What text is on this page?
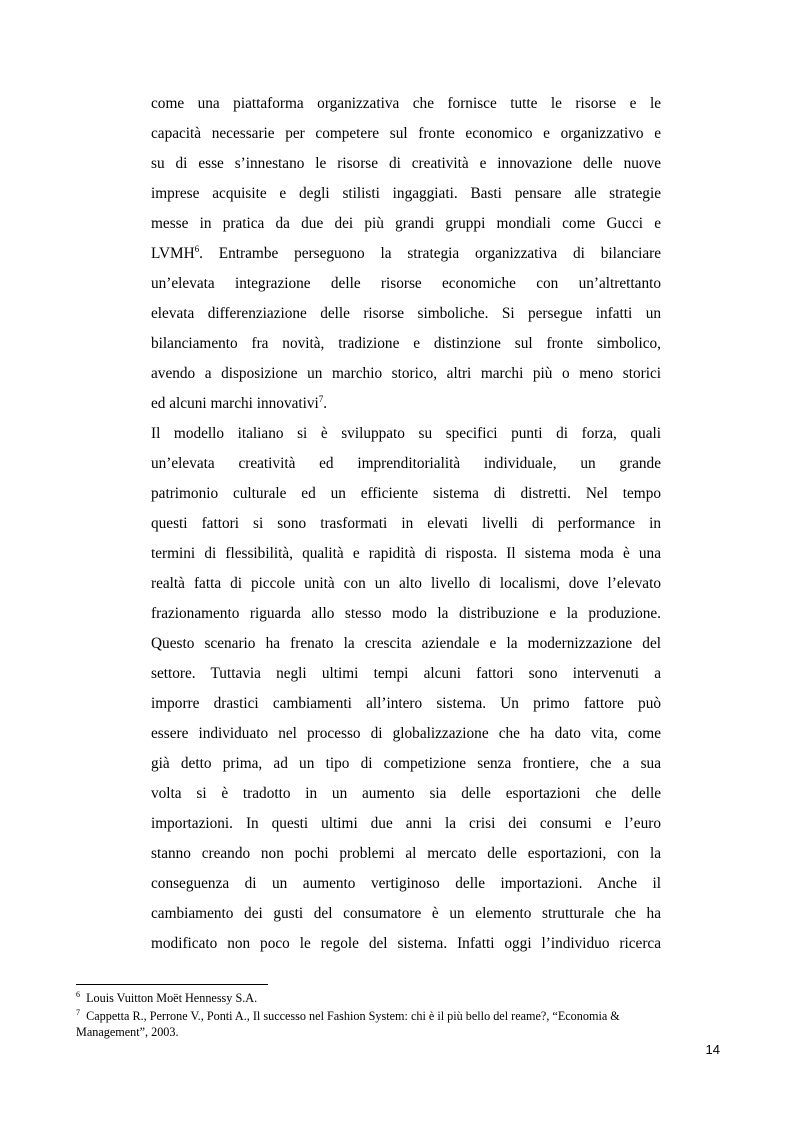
come una piattaforma organizzativa che fornisce tutte le risorse e le
capacità necessarie per competere sul fronte economico e organizzativo e
su di esse s’innestano le risorse di creatività e innovazione delle nuove
imprese acquisite e degli stilisti ingaggiati. Basti pensare alle strategie
messe in pratica da due dei più grandi gruppi mondiali come Gucci e
LVMH$^6$. Entrambe perseguono la strategia organizzativa di bilanciare
un’elevata integrazione delle risorse economiche con un’altrettanto
elevata differenziazione delle risorse simboliche. Si persegue infatti un
bilanciamento fra novità, tradizione e distinzione sul fronte simbolico,
avendo a disposizione un marchio storico, altri marchi più o meno storici
ed alcuni marchi innovativi$^7$.
Il modello italiano si è sviluppato su specifici punti di forza, quali
un’elevata creatività ed imprenditorialità individuale, un grande
patrimonio culturale ed un efficiente sistema di distretti. Nel tempo
questi fattori si sono trasformati in elevati livelli di performance in
termini di flessibilità, qualità e rapidità di risposta. Il sistema moda è una
realtà fatta di piccole unità con un alto livello di localismi, dove l’elevato
frazionamento riguarda allo stesso modo la distribuzione e la produzione.
Questo scenario ha frenato la crescita aziendale e la modernizzazione del
settore. Tuttavia negli ultimi tempi alcuni fattori sono intervenuti a
imporre drastici cambiamenti all’intero sistema. Un primo fattore può
essere individuato nel processo di globalizzazione che ha dato vita, come
già detto prima, ad un tipo di competizione senza frontiere, che a sua
volta si è tradotto in un aumento sia delle esportazioni che delle
importazioni. In questi ultimi due anni la crisi dei consumi e l’euro
stanno creando non pochi problemi al mercato delle esportazioni, con la
conseguenza di un aumento vertiginoso delle importazioni. Anche il
cambiamento dei gusti del consumatore è un elemento strutturale che ha
modificato non poco le regole del sistema. Infatti oggi l’individuo ricerca
$^6$ Louis Vuitton Moët Hennessy S.A.
$^7$ Cappetta R., Perrone V., Ponti A., Il successo nel Fashion System: chi è il più bello del reame?, “Economia &
Management”, 2003.
14
